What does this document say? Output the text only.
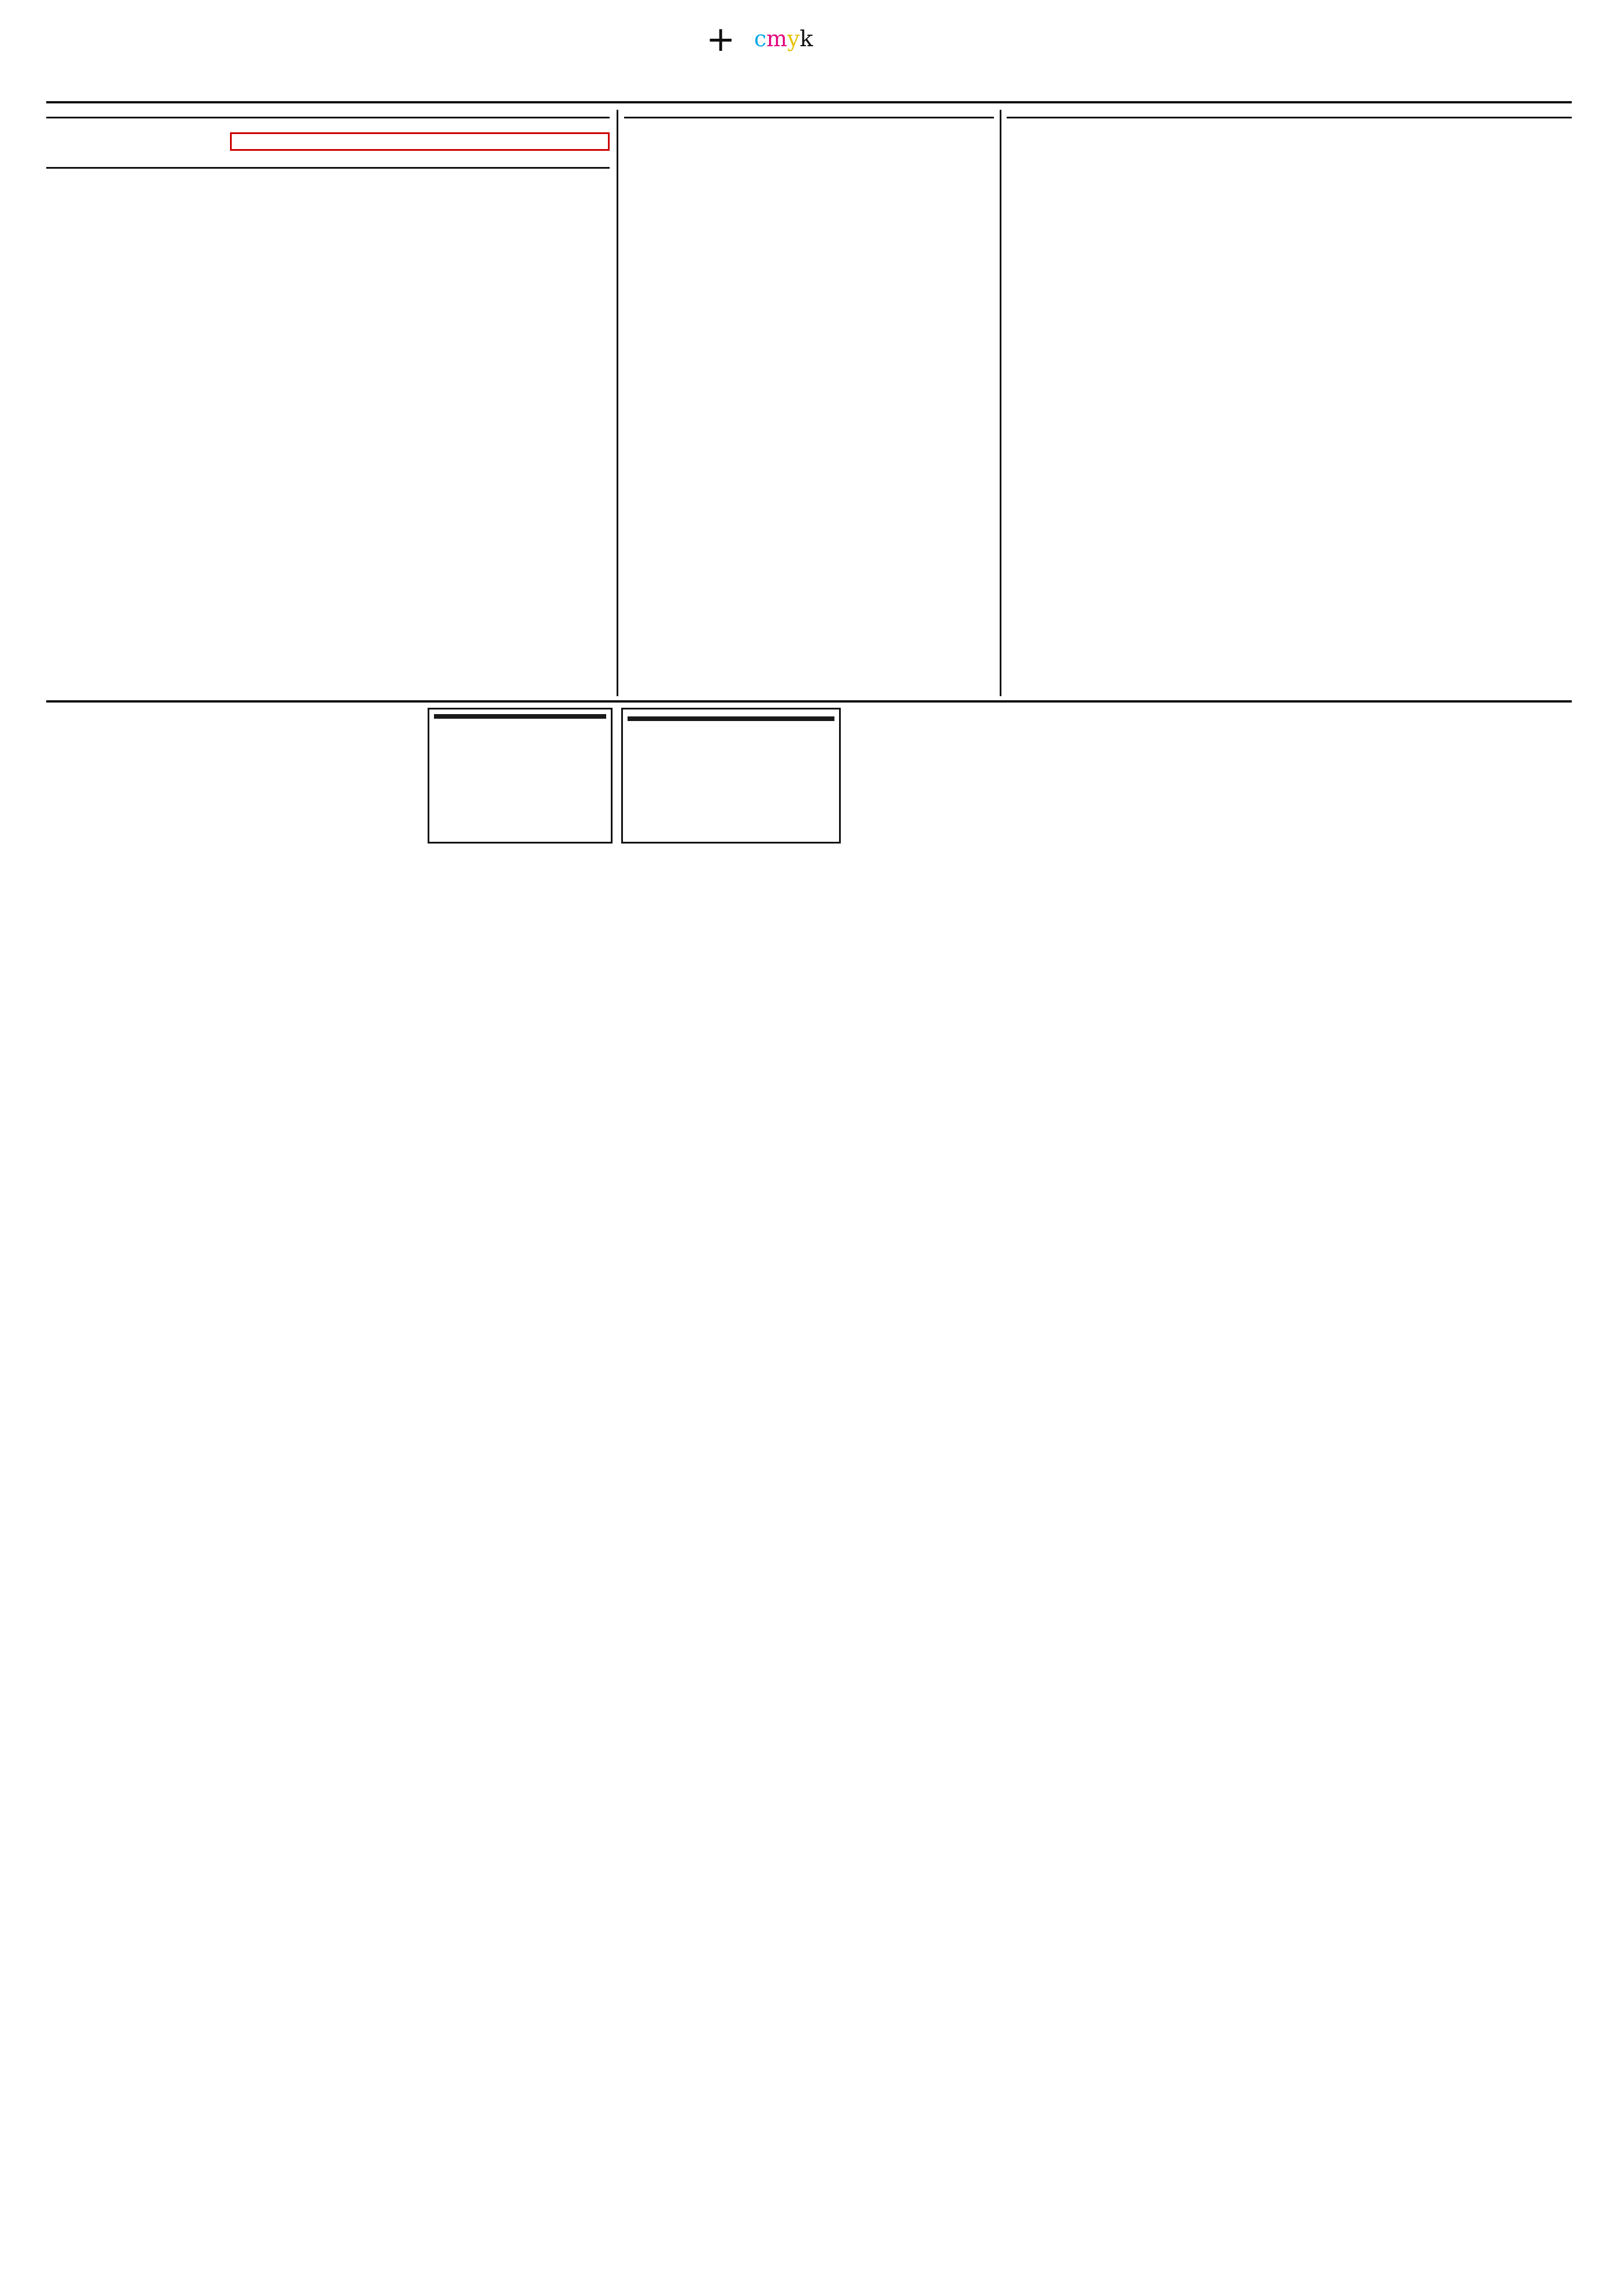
+ cmyk
